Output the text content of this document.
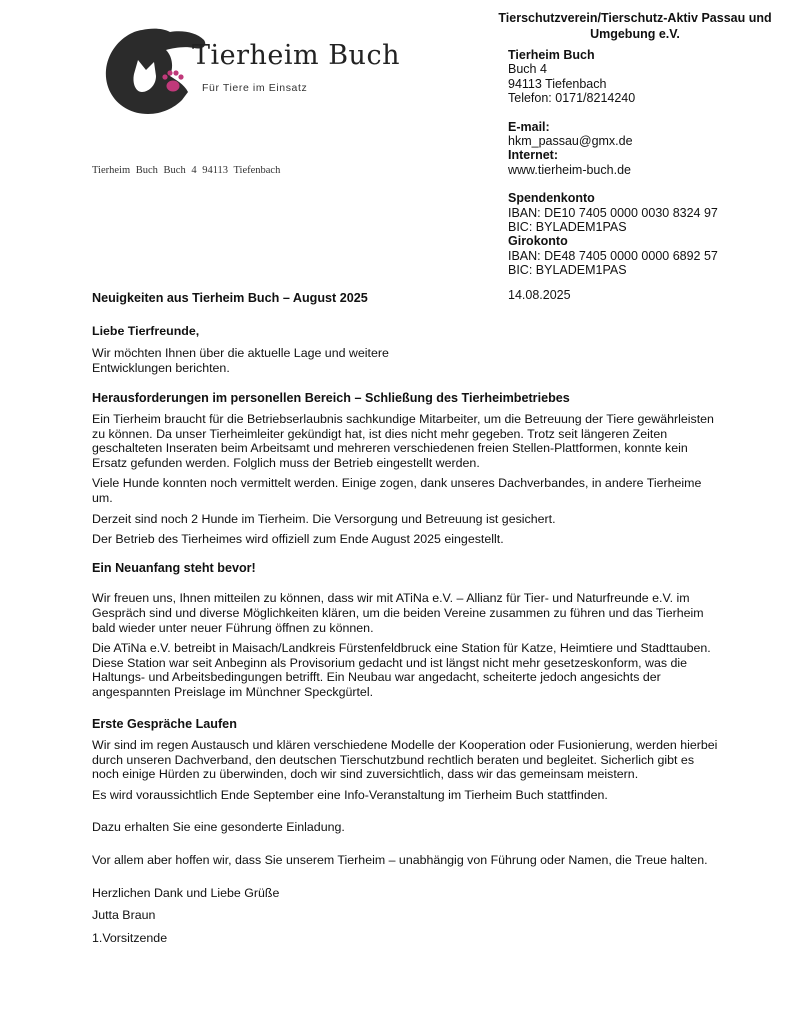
Tierheim Buch
Für Tiere im Einsatz
Tierschutzverein/Tierschutz-Aktiv Passau und Umgebung e.V.
Tierheim Buch
Buch 4
94113 Tiefenbach
Telefon: 0171/8214240
E-mail:
hkm_passau@gmx.de
Internet:
www.tierheim-buch.de
Spendenkonto
IBAN: DE10 7405 0000 0030 8324 97
BIC: BYLADEM1PAS
Girokonto
IBAN: DE48 7405 0000 0000 6892 57
BIC: BYLADEM1PAS
Tierheim Buch Buch 4 94113 Tiefenbach
14.08.2025

Neuigkeiten aus Tierheim Buch – August 2025

Liebe Tierfreunde,

Wir möchten Ihnen über die aktuelle Lage und weitere Entwicklungen berichten.

Herausforderungen im personellen Bereich – Schließung des Tierheimbetriebes

Ein Tierheim braucht für die Betriebserlaubnis sachkundige Mitarbeiter, um die Betreuung der Tiere gewährleisten zu können. Da unser Tierheimleiter gekündigt hat, ist dies nicht mehr gegeben. Trotz seit längeren Zeiten geschalteten Inseraten beim Arbeitsamt und mehreren verschiedenen freien Stellen-Plattformen, konnte kein Ersatz gefunden werden. Folglich muss der Betrieb eingestellt werden.

Viele Hunde konnten noch vermittelt werden. Einige zogen, dank unseres Dachverbandes, in andere Tierheime um.

Derzeit sind noch 2 Hunde im Tierheim. Die Versorgung und Betreuung ist gesichert.

Der Betrieb des Tierheimes wird offiziell zum Ende August 2025 eingestellt.

Ein Neuanfang steht bevor!

Wir freuen uns, Ihnen mitteilen zu können, dass wir mit ATiNa e.V. – Allianz für Tier- und Naturfreunde e.V. im Gespräch sind und diverse Möglichkeiten klären, um die beiden Vereine zusammen zu führen und das Tierheim bald wieder unter neuer Führung öffnen zu können.

Die ATiNa e.V. betreibt in Maisach/Landkreis Fürstenfeldbruck eine Station für Katze, Heimtiere und Stadttauben. Diese Station war seit Anbeginn als Provisorium gedacht und ist längst nicht mehr gesetzeskonform, was die Haltungs- und Arbeitsbedingungen betrifft. Ein Neubau war angedacht, scheiterte jedoch angesichts der angespannten Preislage im Münchner Speckgürtel.

Erste Gespräche Laufen

Wir sind im regen Austausch und klären verschiedene Modelle der Kooperation oder Fusionierung, werden hierbei durch unseren Dachverband, den deutschen Tierschutzbund rechtlich beraten und begleitet. Sicherlich gibt es noch einige Hürden zu überwinden, doch wir sind zuversichtlich, dass wir das gemeinsam meistern.

Es wird voraussichtlich Ende September eine Info-Veranstaltung im Tierheim Buch stattfinden.

Dazu erhalten Sie eine gesonderte Einladung.

Vor allem aber hoffen wir, dass Sie unserem Tierheim – unabhängig von Führung oder Namen, die Treue halten.

Herzlichen Dank und Liebe Grüße

Jutta Braun

1.Vorsitzende
